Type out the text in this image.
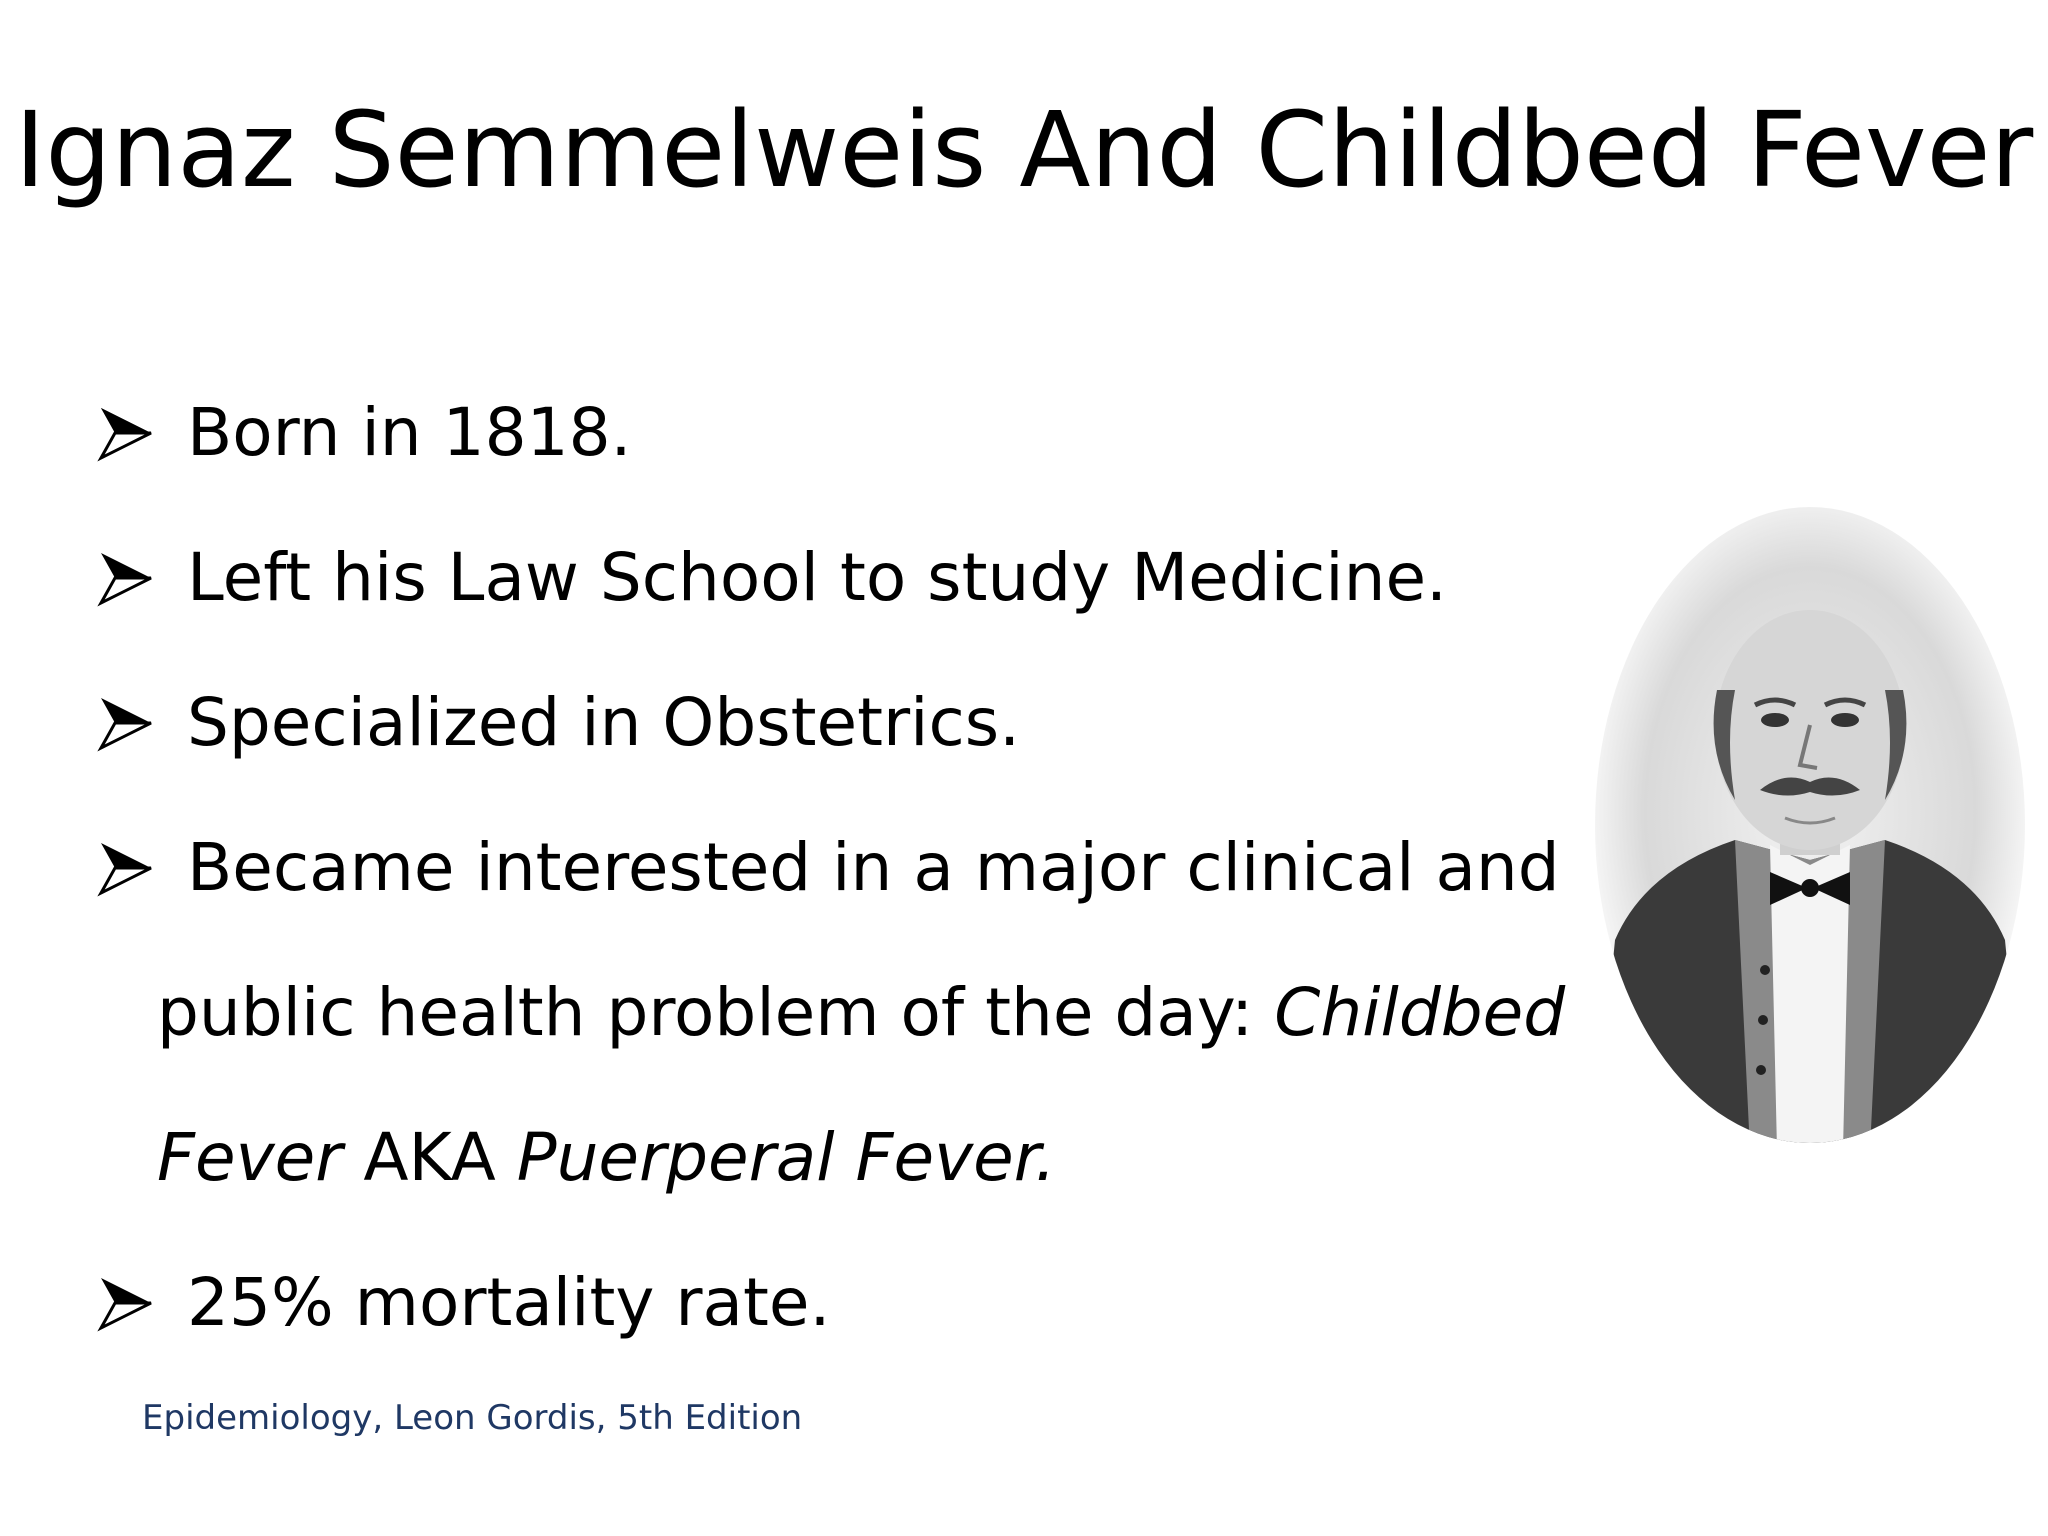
Ignaz Semmelweis And Childbed Fever
Born in 1818.
Left his Law School to study Medicine.
Specialized in Obstetrics.
Became interested in a major clinical and
public health problem of the day: Childbed
Fever AKA Puerperal Fever.
25% mortality rate.
Epidemiology, Leon Gordis, 5th Edition
